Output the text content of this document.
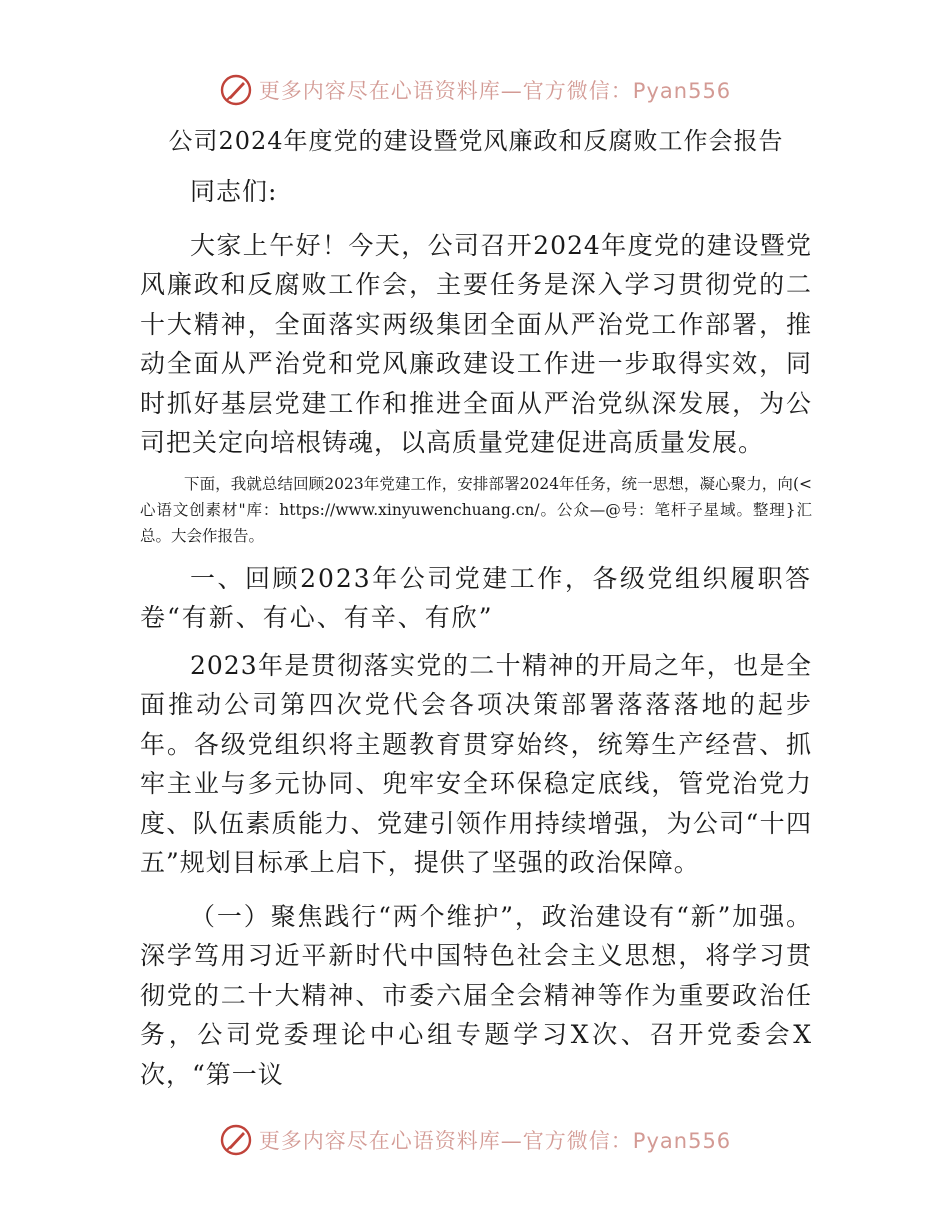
更多内容尽在心语资料库—官方微信：Pyan556
公司2024年度党的建设暨党风廉政和反腐败工作会报告

同志们:

大家上午好！今天，公司召开2024年度党的建设暨党风廉政和反腐败工作会，主要任务是深入学习贯彻党的二十大精神，全面落实两级集团全面从严治党工作部署，推动全面从严治党和党风廉政建设工作进一步取得实效，同时抓好基层党建工作和推进全面从严治党纵深发展，为公司把关定向培根铸魂，以高质量党建促进高质量发展。

下面，我就总结回顾2023年党建工作，安排部署2024年任务，统一思想，凝心聚力，向(<心语文创素材"库：https://www.xinyuwenchuang.cn/。公众—@号：笔杆子星域。整理}汇总。大会作报告。

一、回顾2023年公司党建工作，各级党组织履职答卷“有新、有心、有辛、有欣”

2023年是贯彻落实党的二十精神的开局之年，也是全面推动公司第四次党代会各项决策部署落落落地的起步年。各级党组织将主题教育贯穿始终，统筹生产经营、抓牢主业与多元协同、兜牢安全环保稳定底线，管党治党力度、队伍素质能力、党建引领作用持续增强，为公司“十四五”规划目标承上启下，提供了坚强的政治保障。

（一）聚焦践行“两个维护”，政治建设有“新”加强。深学笃用习近平新时代中国特色社会主义思想，将学习贯彻党的二十大精神、市委六届全会精神等作为重要政治任务，公司党委理论中心组专题学习X次、召开党委会X次，“第一议

更多内容尽在心语资料库—官方微信：Pyan556
